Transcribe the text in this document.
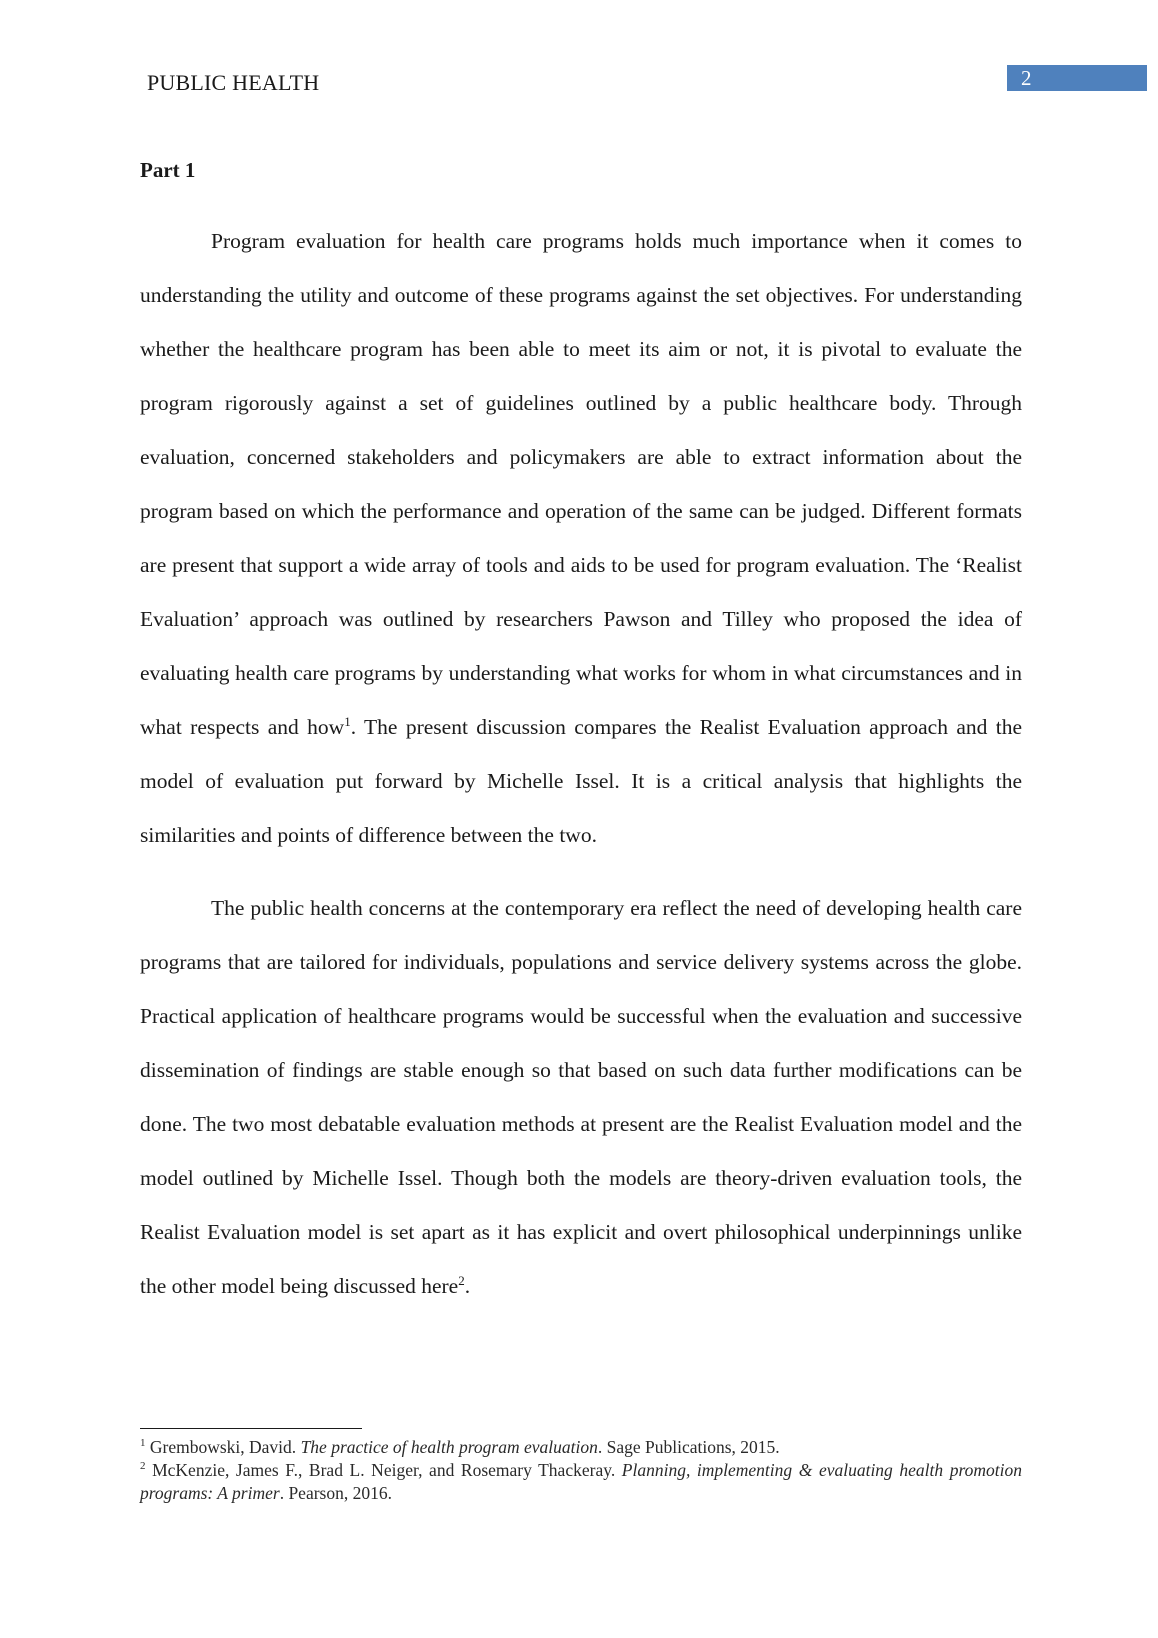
PUBLIC HEALTH	2
Part 1

Program evaluation for health care programs holds much importance when it comes to understanding the utility and outcome of these programs against the set objectives. For understanding whether the healthcare program has been able to meet its aim or not, it is pivotal to evaluate the program rigorously against a set of guidelines outlined by a public healthcare body. Through evaluation, concerned stakeholders and policymakers are able to extract information about the program based on which the performance and operation of the same can be judged. Different formats are present that support a wide array of tools and aids to be used for program evaluation. The ‘Realist Evaluation’ approach was outlined by researchers Pawson and Tilley who proposed the idea of evaluating health care programs by understanding what works for whom in what circumstances and in what respects and how$^1$. The present discussion compares the Realist Evaluation approach and the model of evaluation put forward by Michelle Issel. It is a critical analysis that highlights the similarities and points of difference between the two.

The public health concerns at the contemporary era reflect the need of developing health care programs that are tailored for individuals, populations and service delivery systems across the globe. Practical application of healthcare programs would be successful when the evaluation and successive dissemination of findings are stable enough so that based on such data further modifications can be done. The two most debatable evaluation methods at present are the Realist Evaluation model and the model outlined by Michelle Issel. Though both the models are theory-driven evaluation tools, the Realist Evaluation model is set apart as it has explicit and overt philosophical underpinnings unlike the other model being discussed here$^2$.

$^1$ Grembowski, David. The practice of health program evaluation. Sage Publications, 2015.

$^2$ McKenzie, James F., Brad L. Neiger, and Rosemary Thackeray. Planning, implementing & evaluating health promotion programs: A primer. Pearson, 2016.
